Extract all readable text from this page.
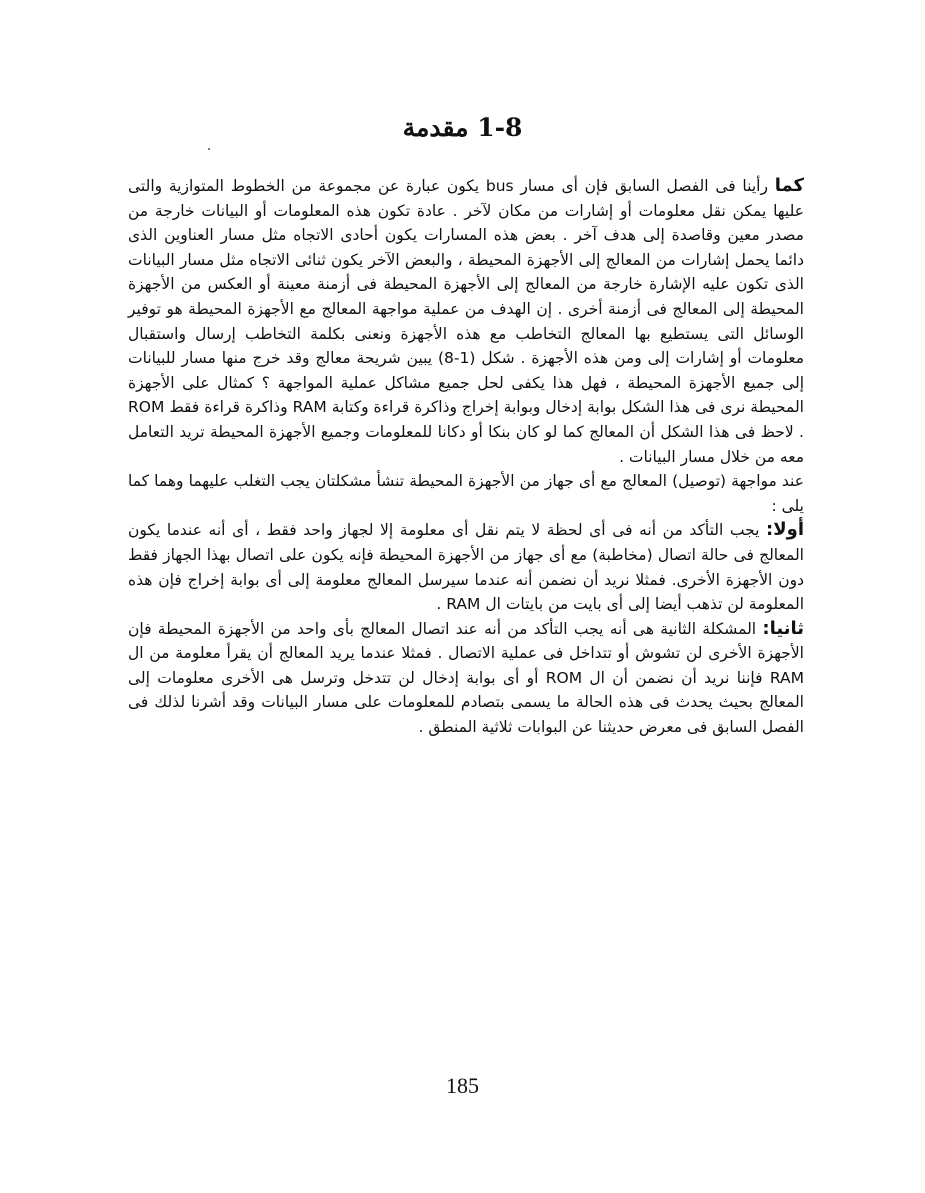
1-8 مقدمة

كما رأينا فى الفصل السابق فإن أى مسار bus يكون عبارة عن مجموعة من الخطوط المتوازية والتى عليها يمكن نقل معلومات أو إشارات من مكان لآخر . عادة تكون هذه المعلومات أو البيانات خارجة من مصدر معين وقاصدة إلى هدف آخر . بعض هذه المسارات يكون أحادى الاتجاه مثل مسار العناوين الذى دائما يحمل إشارات من المعالج إلى الأجهزة المحيطة ، والبعض الآخر يكون ثنائى الاتجاه مثل مسار البيانات الذى تكون عليه الإشارة خارجة من المعالج إلى الأجهزة المحيطة فى أزمنة معينة أو العكس من الأجهزة المحيطة إلى المعالج فى أزمنة أخرى . إن الهدف من عملية مواجهة المعالج مع الأجهزة المحيطة هو توفير الوسائل التى يستطيع بها المعالج التخاطب مع هذه الأجهزة ونعنى بكلمة التخاطب إرسال واستقبال معلومات أو إشارات إلى ومن هذه الأجهزة . شكل (1-8) يبين شريحة معالج وقد خرج منها مسار للبيانات إلى جميع الأجهزة المحيطة ، فهل هذا يكفى لحل جميع مشاكل عملية المواجهة ؟ كمثال على الأجهزة المحيطة نرى فى هذا الشكل بوابة إدخال وبوابة إخراج وذاكرة قراءة وكتابة RAM وذاكرة قراءة فقط ROM . لاحظ فى هذا الشكل أن المعالج كما لو كان بنكا أو دكانا للمعلومات وجميع الأجهزة المحيطة تريد التعامل معه من خلال مسار البيانات .

عند مواجهة (توصيل) المعالج مع أى جهاز من الأجهزة المحيطة تنشأ مشكلتان يجب التغلب عليهما وهما كما يلى :

أولا: يجب التأكد من أنه فى أى لحظة لا يتم نقل أى معلومة إلا لجهاز واحد فقط ، أى أنه عندما يكون المعالج فى حالة اتصال (مخاطبة) مع أى جهاز من الأجهزة المحيطة فإنه يكون على اتصال بهذا الجهاز فقط دون الأجهزة الأخرى. فمثلا نريد أن نضمن أنه عندما سيرسل المعالج معلومة إلى أى بوابة إخراج فإن هذه المعلومة لن تذهب أيضا إلى أى بايت من بايتات ال RAM .

ثانيا: المشكلة الثانية هى أنه يجب التأكد من أنه عند اتصال المعالج بأى واحد من الأجهزة المحيطة فإن الأجهزة الأخرى لن تشوش أو تتداخل فى عملية الاتصال . فمثلا عندما يريد المعالج أن يقرأ معلومة من ال RAM فإننا نريد أن نضمن أن ال ROM أو أى بوابة إدخال لن تتدخل وترسل هى الأخرى معلومات إلى المعالج بحيث يحدث فى هذه الحالة ما يسمى بتصادم للمعلومات على مسار البيانات وقد أشرنا لذلك فى الفصل السابق فى معرض حديثنا عن البوابات ثلاثية المنطق .

185
